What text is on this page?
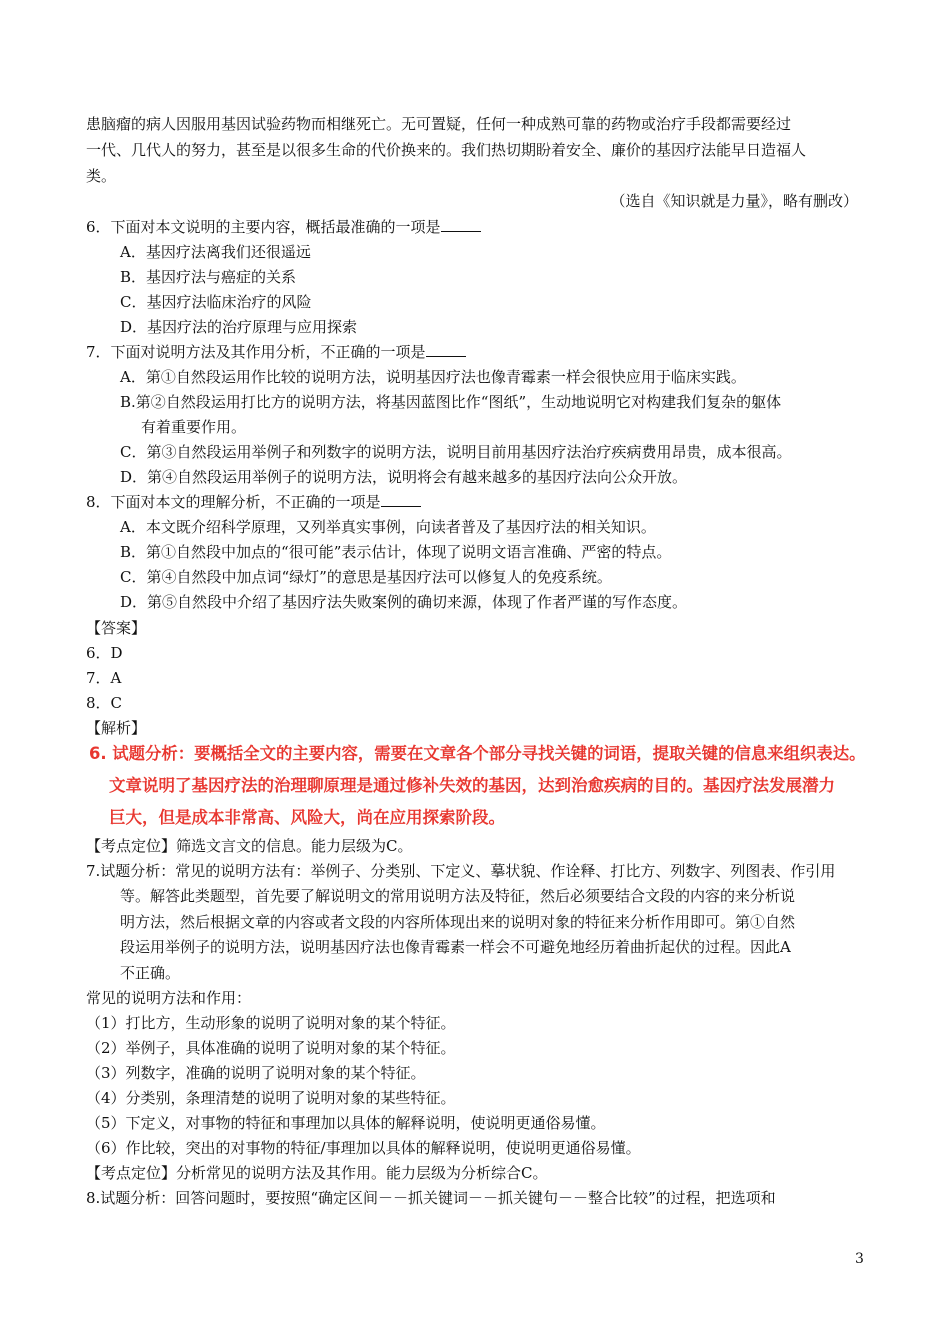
患脑瘤的病人因服用基因试验药物而相继死亡。无可置疑，任何一种成熟可靠的药物或治疗手段都需要经过
一代、几代人的努力，甚至是以很多生命的代价换来的。我们热切期盼着安全、廉价的基因疗法能早日造福人
类。
（选自《知识就是力量》，略有删改）
6．下面对本文说明的主要内容，概括最准确的一项是
A．基因疗法离我们还很遥远
B．基因疗法与癌症的关系
C．基因疗法临床治疗的风险
D．基因疗法的治疗原理与应用探索
7．下面对说明方法及其作用分析，不正确的一项是
A．第①自然段运用作比较的说明方法，说明基因疗法也像青霉素一样会很快应用于临床实践。
B.第②自然段运用打比方的说明方法，将基因蓝图比作“图纸”，生动地说明它对构建我们复杂的躯体
有着重要作用。
C．第③自然段运用举例子和列数字的说明方法，说明目前用基因疗法治疗疾病费用昂贵，成本很高。
D．第④自然段运用举例子的说明方法，说明将会有越来越多的基因疗法向公众开放。
8．下面对本文的理解分析，不正确的一项是
A．本文既介绍科学原理，又列举真实事例，向读者普及了基因疗法的相关知识。
B．第①自然段中加点的“很可能”表示估计，体现了说明文语言准确、严密的特点。
C．第④自然段中加点词“绿灯”的意思是基因疗法可以修复人的免疫系统。
D．第⑤自然段中介绍了基因疗法失败案例的确切来源，体现了作者严谨的写作态度。
【答案】
6．D
7．A
8．C
【解析】
6. 试题分析：要概括全文的主要内容，需要在文章各个部分寻找关键的词语，提取关键的信息来组织表达。
文章说明了基因疗法的治理聊原理是通过修补失效的基因，达到治愈疾病的目的。基因疗法发展潜力
巨大，但是成本非常高、风险大，尚在应用探索阶段。
【考点定位】筛选文言文的信息。能力层级为C。
7.试题分析：常见的说明方法有：举例子、分类别、下定义、摹状貌、作诠释、打比方、列数字、列图表、作引用
等。解答此类题型，首先要了解说明文的常用说明方法及特征，然后必须要结合文段的内容的来分析说
明方法，然后根据文章的内容或者文段的内容所体现出来的说明对象的特征来分析作用即可。第①自然
段运用举例子的说明方法，说明基因疗法也像青霉素一样会不可避免地经历着曲折起伏的过程。因此A
不正确。
常见的说明方法和作用：
（1）打比方，生动形象的说明了说明对象的某个特征。
（2）举例子，具体准确的说明了说明对象的某个特征。
（3）列数字，准确的说明了说明对象的某个特征。
（4）分类别，条理清楚的说明了说明对象的某些特征。
（5）下定义，对事物的特征和事理加以具体的解释说明，使说明更通俗易懂。
（6）作比较，突出的对事物的特征/事理加以具体的解释说明，使说明更通俗易懂。
【考点定位】分析常见的说明方法及其作用。能力层级为分析综合C。
8.试题分析：回答问题时，要按照“确定区间－－抓关键词－－抓关键句－－整合比较”的过程，把选项和
3
